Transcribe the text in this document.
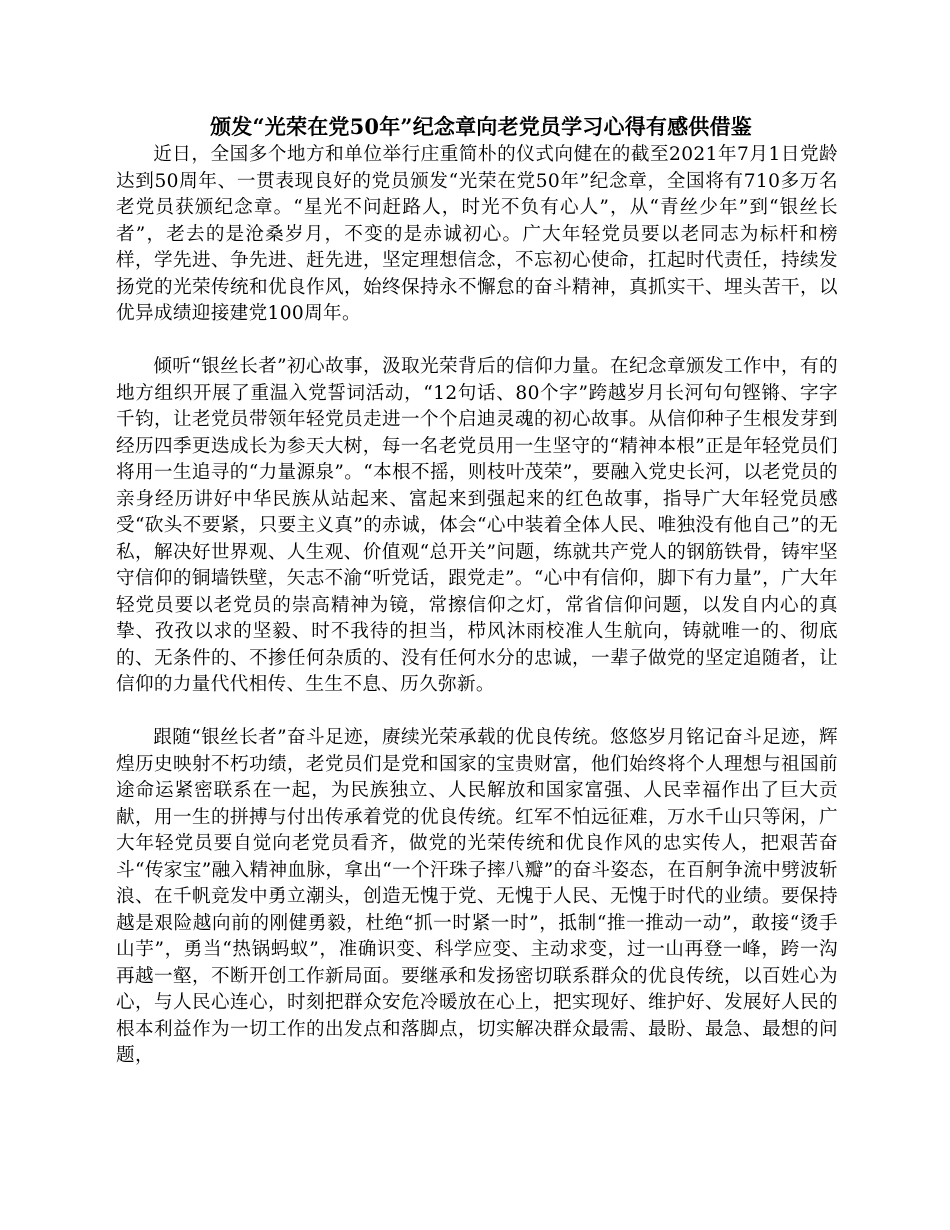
颁发“光荣在党50年”纪念章向老党员学习心得有感供借鉴

近日，全国多个地方和单位举行庄重简朴的仪式向健在的截至2021年7月1日党龄达到50周年、一贯表现良好的党员颁发“光荣在党50年”纪念章，全国将有710多万名老党员获颁纪念章。“星光不问赶路人，时光不负有心人”，从“青丝少年”到“银丝长者”，老去的是沧桑岁月，不变的是赤诚初心。广大年轻党员要以老同志为标杆和榜样，学先进、争先进、赶先进，坚定理想信念，不忘初心使命，扛起时代责任，持续发扬党的光荣传统和优良作风，始终保持永不懈怠的奋斗精神，真抓实干、埋头苦干，以优异成绩迎接建党100周年。

倾听“银丝长者”初心故事，汲取光荣背后的信仰力量。在纪念章颁发工作中，有的地方组织开展了重温入党誓词活动，“12句话、80个字”跨越岁月长河句句铿锵、字字千钧，让老党员带领年轻党员走进一个个启迪灵魂的初心故事。从信仰种子生根发芽到经历四季更迭成长为参天大树，每一名老党员用一生坚守的“精神本根”正是年轻党员们将用一生追寻的“力量源泉”。“本根不摇，则枝叶茂荣”，要融入党史长河，以老党员的亲身经历讲好中华民族从站起来、富起来到强起来的红色故事，指导广大年轻党员感受“砍头不要紧，只要主义真”的赤诚，体会“心中装着全体人民、唯独没有他自己”的无私，解决好世界观、人生观、价值观“总开关”问题，练就共产党人的钢筋铁骨，铸牢坚守信仰的铜墙铁壁，矢志不渝“听党话，跟党走”。“心中有信仰，脚下有力量”，广大年轻党员要以老党员的崇高精神为镜，常擦信仰之灯，常省信仰问题，以发自内心的真挚、孜孜以求的坚毅、时不我待的担当，栉风沐雨校准人生航向，铸就唯一的、彻底的、无条件的、不掺任何杂质的、没有任何水分的忠诚，一辈子做党的坚定追随者，让信仰的力量代代相传、生生不息、历久弥新。

跟随“银丝长者”奋斗足迹，赓续光荣承载的优良传统。悠悠岁月铭记奋斗足迹，辉煌历史映射不朽功绩，老党员们是党和国家的宝贵财富，他们始终将个人理想与祖国前途命运紧密联系在一起，为民族独立、人民解放和国家富强、人民幸福作出了巨大贡献，用一生的拼搏与付出传承着党的优良传统。红军不怕远征难，万水千山只等闲，广大年轻党员要自觉向老党员看齐，做党的光荣传统和优良作风的忠实传人，把艰苦奋斗“传家宝”融入精神血脉，拿出“一个汗珠子摔八瓣”的奋斗姿态，在百舸争流中劈波斩浪、在千帆竞发中勇立潮头，创造无愧于党、无愧于人民、无愧于时代的业绩。要保持越是艰险越向前的刚健勇毅，杜绝“抓一时紧一时”，抵制“推一推动一动”，敢接“烫手山芋”，勇当“热锅蚂蚁”，准确识变、科学应变、主动求变，过一山再登一峰，跨一沟再越一壑，不断开创工作新局面。要继承和发扬密切联系群众的优良传统，以百姓心为心，与人民心连心，时刻把群众安危冷暖放在心上，把实现好、维护好、发展好人民的根本利益作为一切工作的出发点和落脚点，切实解决群众最需、最盼、最急、最想的问题，
